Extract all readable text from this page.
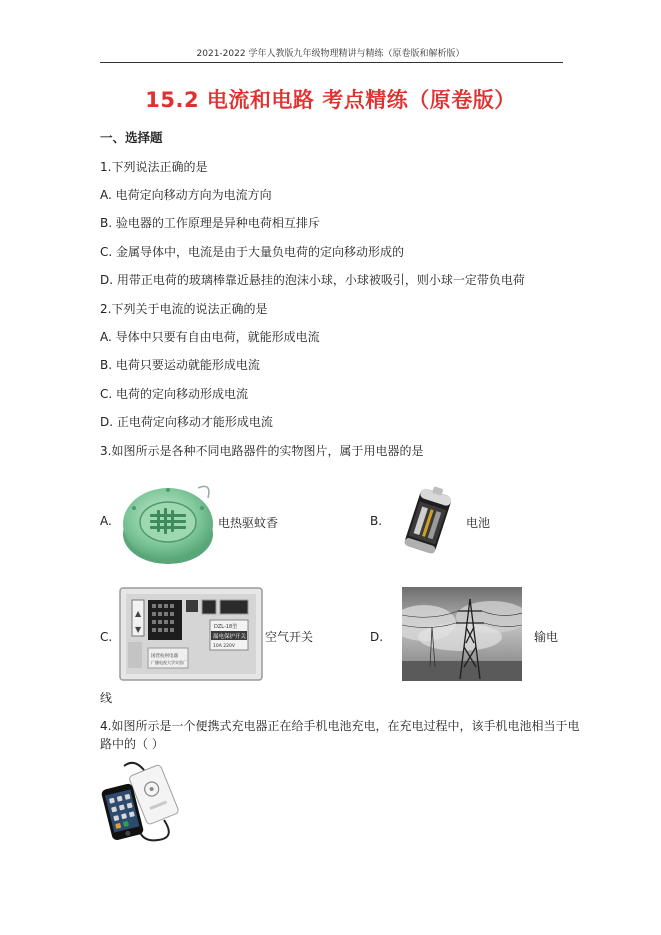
2021-2022 学年人教版九年级物理精讲与精练（原卷版和解析版）
15.2 电流和电路 考点精练（原卷版）
一、选择题
1.下列说法正确的是
A. 电荷定向移动方向为电流方向
B. 验电器的工作原理是异种电荷相互排斥
C. 金属导体中，电流是由于大量负电荷的定向移动形成的
D. 用带正电荷的玻璃棒靠近悬挂的泡沫小球，小球被吸引，则小球一定带负电荷
2.下列关于电流的说法正确的是
A. 导体中只要有自由电荷，就能形成电流
B. 电荷只要运动就能形成电流
C. 电荷的定向移动形成电流
D. 正电荷定向移动才能形成电流
3.如图所示是各种不同电路器件的实物图片，属于用电器的是
A.	电热驱蚊香	B.	电池
C.
▲
▼	DZL-18型
漏电保护开关
10A 220V
国营杭州电器
广播电视大学实验厂
空气开关	D.	输电
线
4.如图所示是一个便携式充电器正在给手机电池充电，在充电过程中，该手机电池相当于电
路中的（ ）
